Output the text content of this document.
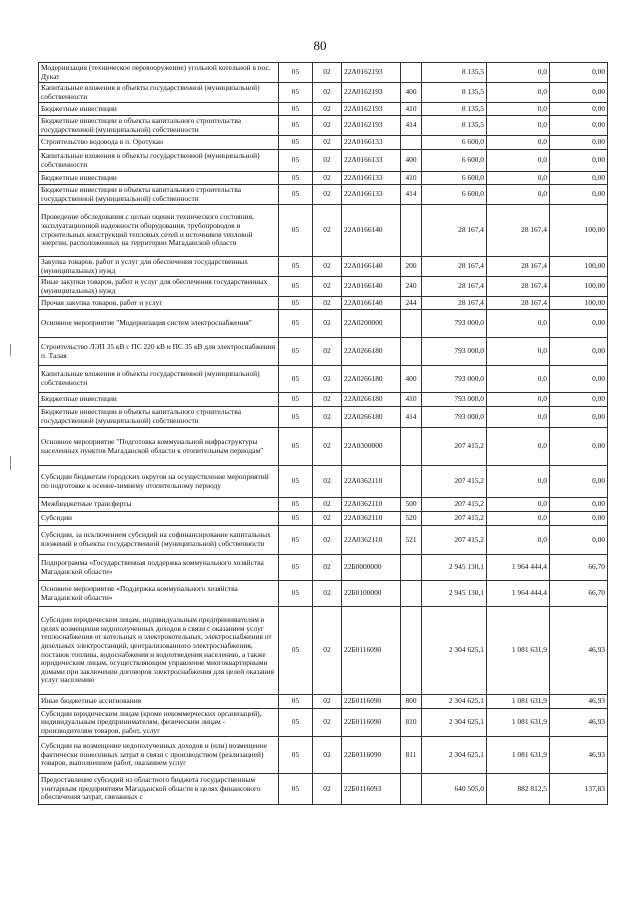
80
Модернизация (техническое перевооружение) угольной котельной в пос. Дукат	05	02	22А0162193		8 135,5	0,0	0,00
Капитальные вложения в объекты государственной (муниципальной) собственности	05	02	22А0162193	400	8 135,5	0,0	0,00
Бюджетные инвестиции	05	02	22А0162193	410	8 135,5	0,0	0,00
Бюджетные инвестиции в объекты капитального строительства государственной (муниципальной) собственности	05	02	22А0162193	414	8 135,5	0,0	0,00
Строительство водовода в п. Оротукан	05	02	22А0166133		6 600,0	0,0	0,00
Капитальные вложения в объекты государственной (муниципальной) собственности	05	02	22А0166133	400	6 600,0	0,0	0,00
Бюджетные инвестиции	05	02	22А0166133	410	6 600,0	0,0	0,00
Бюджетные инвестиции в объекты капитального строительства государственной (муниципальной) собственности	05	02	22А0166133	414	6 600,0	0,0	0,00
Проведение обследования с целью оценки технического состояния, эксплуатационной надежности оборудования, трубопроводов и строительных конструкций тепловых сетей и источников тепловой энергии, расположенных на территории Магаданской области	05	02	22А0166140		28 167,4	28 167,4	100,00
Закупка товаров, работ и услуг для обеспечения государственных (муниципальных) нужд	05	02	22А0166140	200	28 167,4	28 167,4	100,00
Иные закупки товаров, работ и услуг для обеспечения государственных (муниципальных) нужд	05	02	22А0166140	240	28 167,4	28 167,4	100,00
Прочая закупка товаров, работ и услуг	05	02	22А0166140	244	28 167,4	28 167,4	100,00
Основное мероприятие "Модернизация систем электроснабжения"	05	02	22А0200000		793 000,0	0,0	0,00
Строительство ЛЭП 35 кВ с ПС 220 кВ и ПС 35 кВ для электроснабжения п. Талая	05	02	22А0266180		793 000,0	0,0	0,00
Капитальные вложения в объекты государственной (муниципальной) собственности	05	02	22А0266180	400	793 000,0	0,0	0,00
Бюджетные инвестиции	05	02	22А0266180	410	793 000,0	0,0	0,00
Бюджетные инвестиции в объекты капитального строительства государственной (муниципальной) собственности	05	02	22А0266180	414	793 000,0	0,0	0,00
Основное мероприятие "Подготовка коммунальной инфраструктуры населенных пунктов Магаданской области к отопительным периодам"	05	02	22А0300000		207 415,2	0,0	0,00
Субсидии бюджетам городских округов на осуществление мероприятий по подготовке к осенне-зимнему отопительному периоду	05	02	22А0362110		207 415,2	0,0	0,00
Межбюджетные трансферты	05	02	22А0362110	500	207 415,2	0,0	0,00
Субсидии	05	02	22А0362110	520	207 415,2	0,0	0,00
Субсидии, за исключением субсидий на софинансирование капитальных вложений в объекты государственной (муниципальной) собственности	05	02	22А0362110	521	207 415,2	0,0	0,00
Подпрограмма «Государственная поддержка коммунального хозяйства Магаданской области»	05	02	22Б0000000		2 945 130,1	1 964 444,4	66,70
Основное мероприятие «Поддержка коммунального хозяйства Магаданской области»	05	02	22Б0100000		2 945 130,1	1 964 444,4	66,70
Субсидии юридическим лицам, индивидуальным предпринимателям в целях возмещения недополученных доходов в связи с оказанием услуг теплоснабжения от котельных и электрокотельных, электроснабжения от дизельных электростанций, централизованного электроснабжения, поставок топлива, водоснабжения и водоотведения населению, а также юридическим лицам, осуществляющим управление многоквартирными домами при заключении договоров электроснабжения для целей оказания услуг населению	05	02	22Б0116090		2 304 625,1	1 081 631,9	46,93
Иные бюджетные ассигнования	05	02	22Б0116090	800	2 304 625,1	1 081 631,9	46,93
Субсидии юридическим лицам (кроме некоммерческих организаций), индивидуальным предпринимателям, физическим лицам - производителям товаров, работ, услуг	05	02	22Б0116090	810	2 304 625,1	1 081 631,9	46,93
Субсидии на возмещение недополученных доходов и (или) возмещение фактически понесенных затрат в связи с производством (реализацией) товаров, выполнением работ, оказанием услуг	05	02	22Б0116090	811	2 304 625,1	1 081 631,9	46,93
Предоставление субсидий из областного бюджета государственным унитарным предприятиям Магаданской области в целях финансового обеспечения затрат, связанных с	05	02	22Б0116093		640 505,0	882 812,5	137,83
